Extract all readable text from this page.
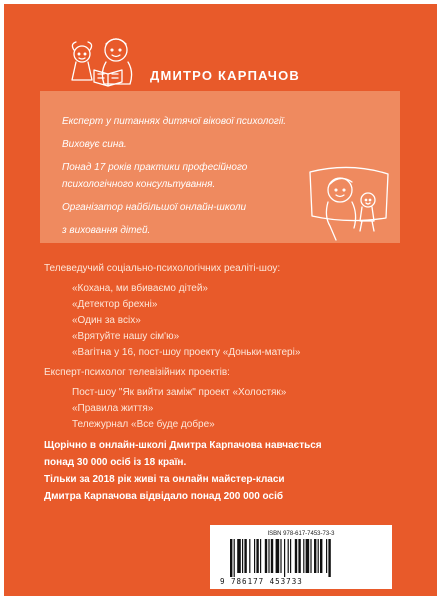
ДМИТРО КАРПАЧОВ
Експерт у питаннях дитячої вікової психології.
Виховує сина.
Понад 17 років практики професійного
психологічного консультування.
Організатор найбільшої онлайн-школи
з виховання дітей.
Телеведучий соціально-психологічних реаліті-шоу:
«Кохана, ми вбиваємо дітей»
«Детектор брехні»
«Один за всіх»
«Врятуйте нашу сім'ю»
«Вагітна у 16, пост-шоу проекту «Доньки-матері»
Експерт-психолог телевізійних проектів:
Пост-шоу "Як вийти заміж" проект «Холостяк»
«Правила життя»
Тележурнал «Все буде добре»
Щорічно в онлайн-школі Дмитра Карпачова навчається
понад 30 000 осіб із 18 країн.
Тільки за 2018 рік живі та онлайн майстер-класи
Дмитра Карпачова відвідало понад 200 000 осіб
ISBN 978-617-7453-73-3
9 786177 453733
